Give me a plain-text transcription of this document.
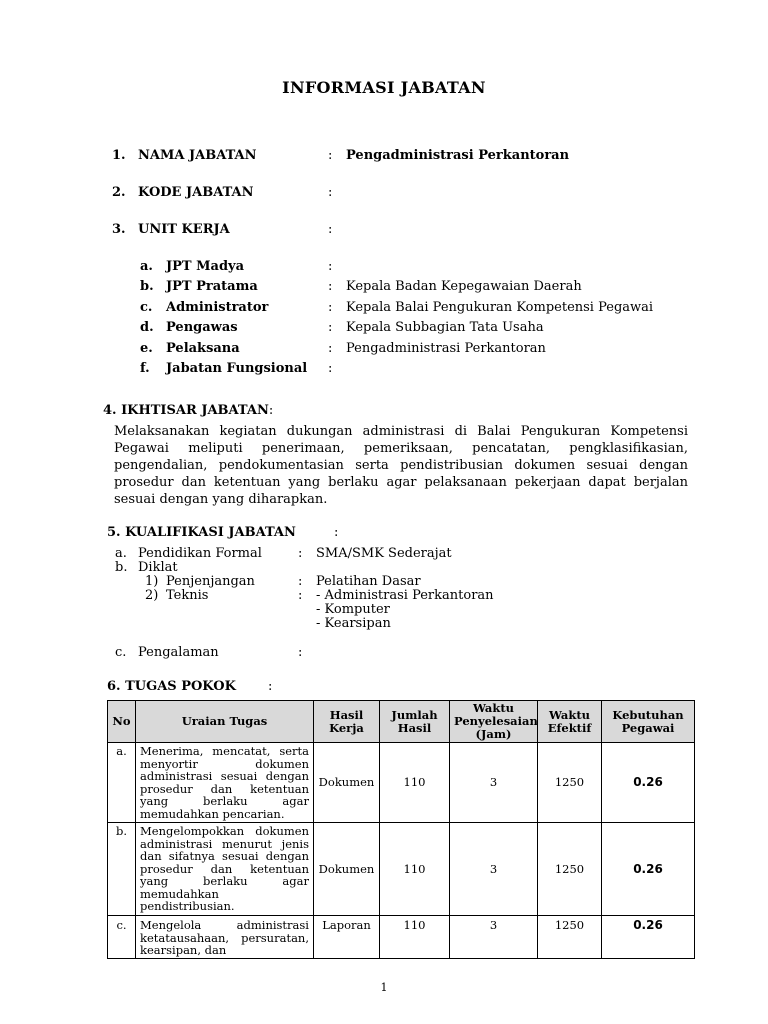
INFORMASI JABATAN
1. NAMA JABATAN	: Pengadministrasi Perkantoran
2. KODE JABATAN	:
3. UNIT KERJA	:
a. JPT Madya	:
b. JPT Pratama	: Kepala Badan Kepegawaian Daerah
c. Administrator	: Kepala Balai Pengukuran Kompetensi Pegawai
d. Pengawas	: Kepala Subbagian Tata Usaha
e. Pelaksana	: Pengadministrasi Perkantoran
f. Jabatan Fungsional :
4. IKHTISAR JABATAN:
Melaksanakan kegiatan dukungan administrasi di Balai Pengukuran Kompetensi Pegawai meliputi penerimaan, pemeriksaan, pencatatan, pengklasifikasian, pengendalian, pendokumentasian serta pendistribusian dokumen sesuai dengan prosedur dan ketentuan yang berlaku agar pelaksanaan pekerjaan dapat berjalan sesuai dengan yang diharapkan.
5. KUALIFIKASI JABATAN	:
a. Pendidikan Formal	: SMA/SMK Sederajat
b. Diklat
1) Penjenjangan	: Pelatihan Dasar
2) Teknis	: - Administrasi Perkantoran
- Komputer
- Kearsipan
c. Pengalaman	:
6. TUGAS POKOK :
No	Uraian Tugas	Hasil Kerja	Jumlah Hasil	Waktu Penyelesaian (Jam)	Waktu Efektif	Kebutuhan Pegawai
a.	Menerima, mencatat, serta menyortir dokumen administrasi sesuai dengan prosedur dan ketentuan yang berlaku agar memudahkan pencarian.	Dokumen	110	3	1250	0.26
b.	Mengelompokkan dokumen administrasi menurut jenis dan sifatnya sesuai dengan prosedur dan ketentuan yang berlaku agar memudahkan pendistribusian.	Dokumen	110	3	1250	0.26
c.	Mengelola administrasi ketatausahaan, persuratan, kearsipan, dan	Laporan	110	3	1250	0.26
1
